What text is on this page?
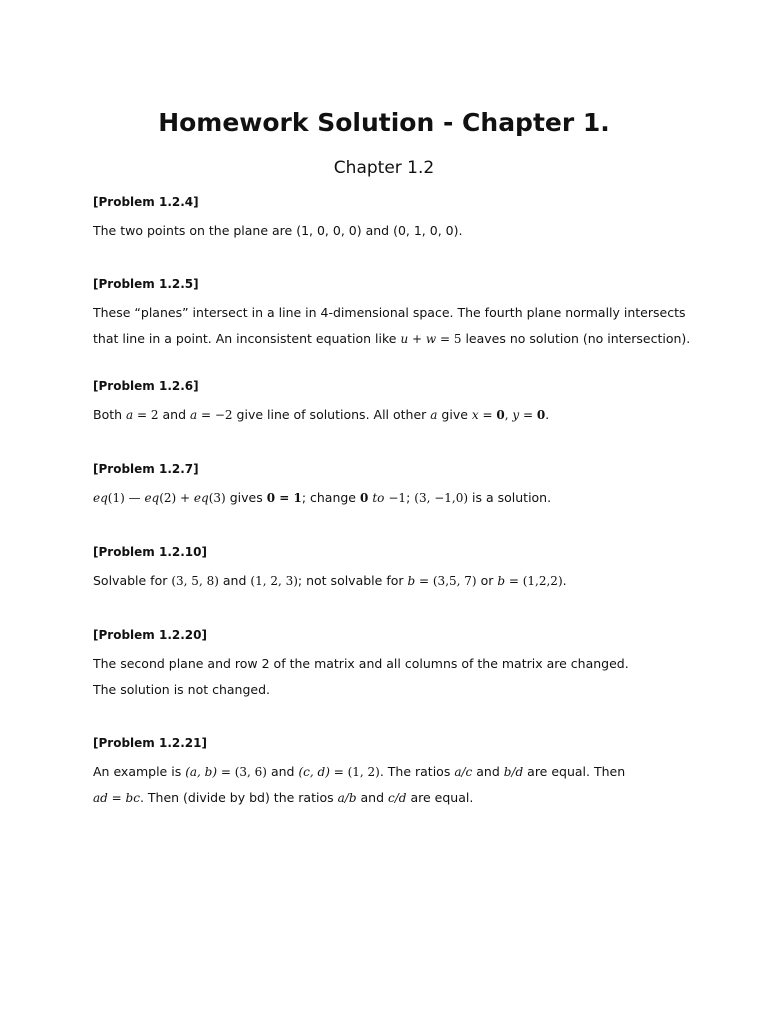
Homework Solution - Chapter 1.
Chapter 1.2
[Problem 1.2.4]
The two points on the plane are (1, 0, 0, 0) and (0, 1, 0, 0).
[Problem 1.2.5]
These “planes” intersect in a line in 4-dimensional space. The fourth plane normally intersects
that line in a point. An inconsistent equation like u + w = 5 leaves no solution (no intersection).
[Problem 1.2.6]
Both a = 2 and a = −2 give line of solutions. All other a give x = 0, y = 0.
[Problem 1.2.7]
eq(1) — eq(2) + eq(3) gives 0 = 1; change 0 to −1; (3, −1,0) is a solution.
[Problem 1.2.10]
Solvable for (3, 5, 8) and (1, 2, 3); not solvable for b = (3,5, 7) or b = (1,2,2).
[Problem 1.2.20]
The second plane and row 2 of the matrix and all columns of the matrix are changed.
The solution is not changed.
[Problem 1.2.21]
An example is (a, b) = (3, 6) and (c, d) = (1, 2). The ratios a/c and b/d are equal. Then
ad = bc. Then (divide by bd) the ratios a/b and c/d are equal.
